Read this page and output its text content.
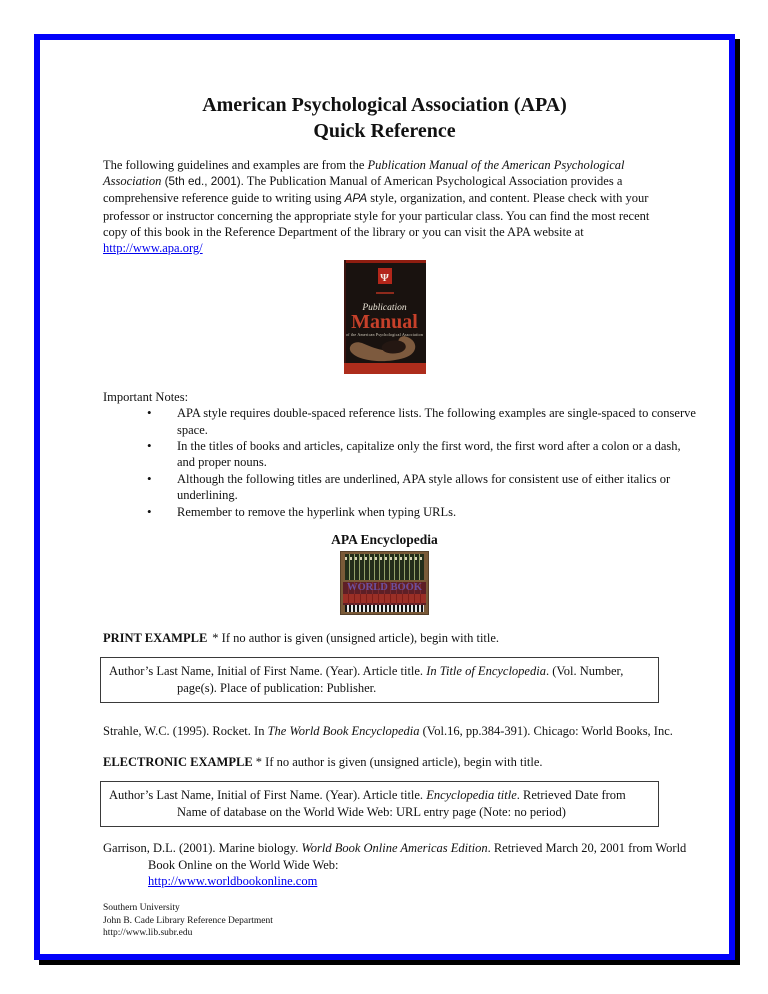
American Psychological Association (APA)
Quick Reference

The following guidelines and examples are from the Publication Manual of the American Psychological Association (5th ed., 2001). The Publication Manual of American Psychological Association provides a comprehensive reference guide to writing using APA style, organization, and content. Please check with your professor or instructor concerning the appropriate style for your particular class. You can find the most recent copy of this book in the Reference Department of the library or you can visit the APA website at http://www.apa.org/

Ψ
Publication
Manual
of the American Psychological Association
Important Notes:
• APA style requires double-spaced reference lists. The following examples are single-spaced to conserve space.
• In the titles of books and articles, capitalize only the first word, the first word after a colon or a dash, and proper nouns.
• Although the following titles are underlined, APA style allows for consistent use of either italics or underlining.
• Remember to remove the hyperlink when typing URLs.
APA Encyclopedia
WORLD BOOK
PRINT EXAMPLE * If no author is given (unsigned article), begin with title.

Author’s Last Name, Initial of First Name. (Year). Article title. In Title of Encyclopedia. (Vol. Number, page(s). Place of publication: Publisher.

Strahle, W.C. (1995). Rocket. In The World Book Encyclopedia (Vol.16, pp.384-391). Chicago: World Books, Inc.

ELECTRONIC EXAMPLE * If no author is given (unsigned article), begin with title.

Author’s Last Name, Initial of First Name. (Year). Article title. Encyclopedia title. Retrieved Date from Name of database on the World Wide Web: URL entry page (Note: no period)

Garrison, D.L. (2001). Marine biology. World Book Online Americas Edition. Retrieved March 20, 2001 from World Book Online on the World Wide Web:
http://www.worldbookonline.com

Southern University
John B. Cade Library Reference Department
http://www.lib.subr.edu
